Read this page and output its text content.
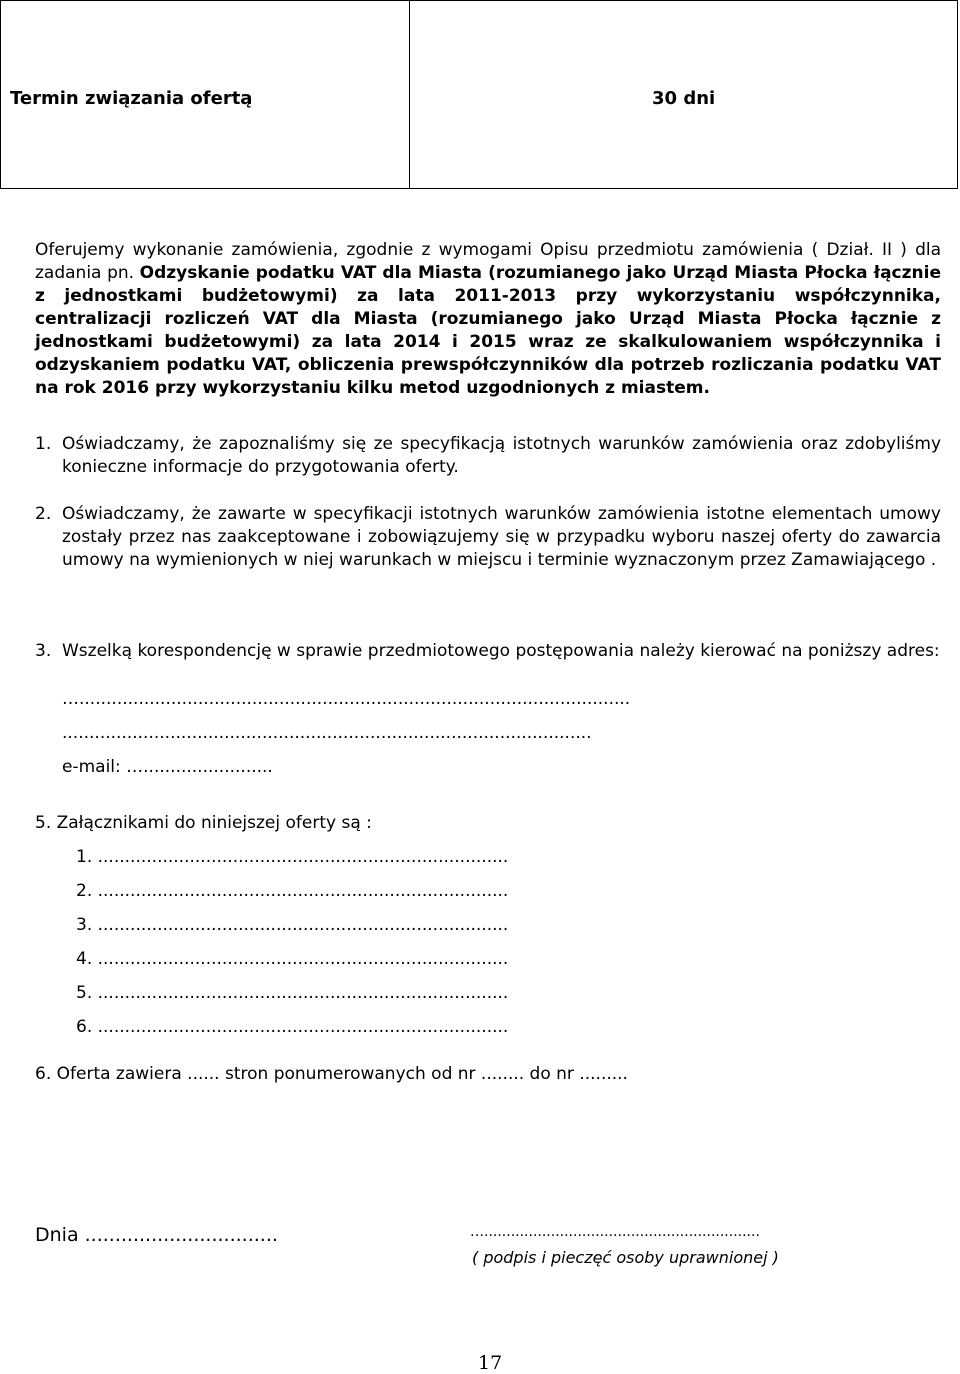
Termin związania ofertą	30 dni
Oferujemy wykonanie zamówienia, zgodnie z wymogami Opisu przedmiotu zamówienia ( Dział. II ) dla zadania pn. Odzyskanie podatku VAT dla Miasta (rozumianego jako Urząd Miasta Płocka łącznie z jednostkami budżetowymi) za lata 2011-2013 przy wykorzystaniu współczynnika, centralizacji rozliczeń VAT dla Miasta (rozumianego jako Urząd Miasta Płocka łącznie z jednostkami budżetowymi) za lata 2014 i 2015 wraz ze skalkulowaniem współczynnika i odzyskaniem podatku VAT, obliczenia prewspółczynników dla potrzeb rozliczania podatku VAT na rok 2016 przy wykorzystaniu kilku metod uzgodnionych z miastem.
1. Oświadczamy, że zapoznaliśmy się ze specyfikacją istotnych warunków zamówienia oraz zdobyliśmy konieczne informacje do przygotowania oferty.
2. Oświadczamy, że zawarte w specyfikacji istotnych warunków zamówienia istotne elementach umowy zostały przez nas zaakceptowane i zobowiązujemy się w przypadku wyboru naszej oferty do zawarcia umowy na wymienionych w niej warunkach w miejscu i terminie wyznaczonym przez Zamawiającego .
3. Wszelką korespondencję w sprawie przedmiotowego postępowania należy kierować na poniższy adres:
…......................................................................................................
..................................................................................................
e-mail: …........................
5. Załącznikami do niniejszej oferty są :
1. ............................................................................
2. ............................................................................
3. ............................................................................
4. ............................................................................
5. ............................................................................
6. ............................................................................
6. Oferta zawiera ...... stron ponumerowanych od nr ........ do nr .........
Dnia ................................	…..............................................................
( podpis i pieczęć osoby uprawnionej )
17
